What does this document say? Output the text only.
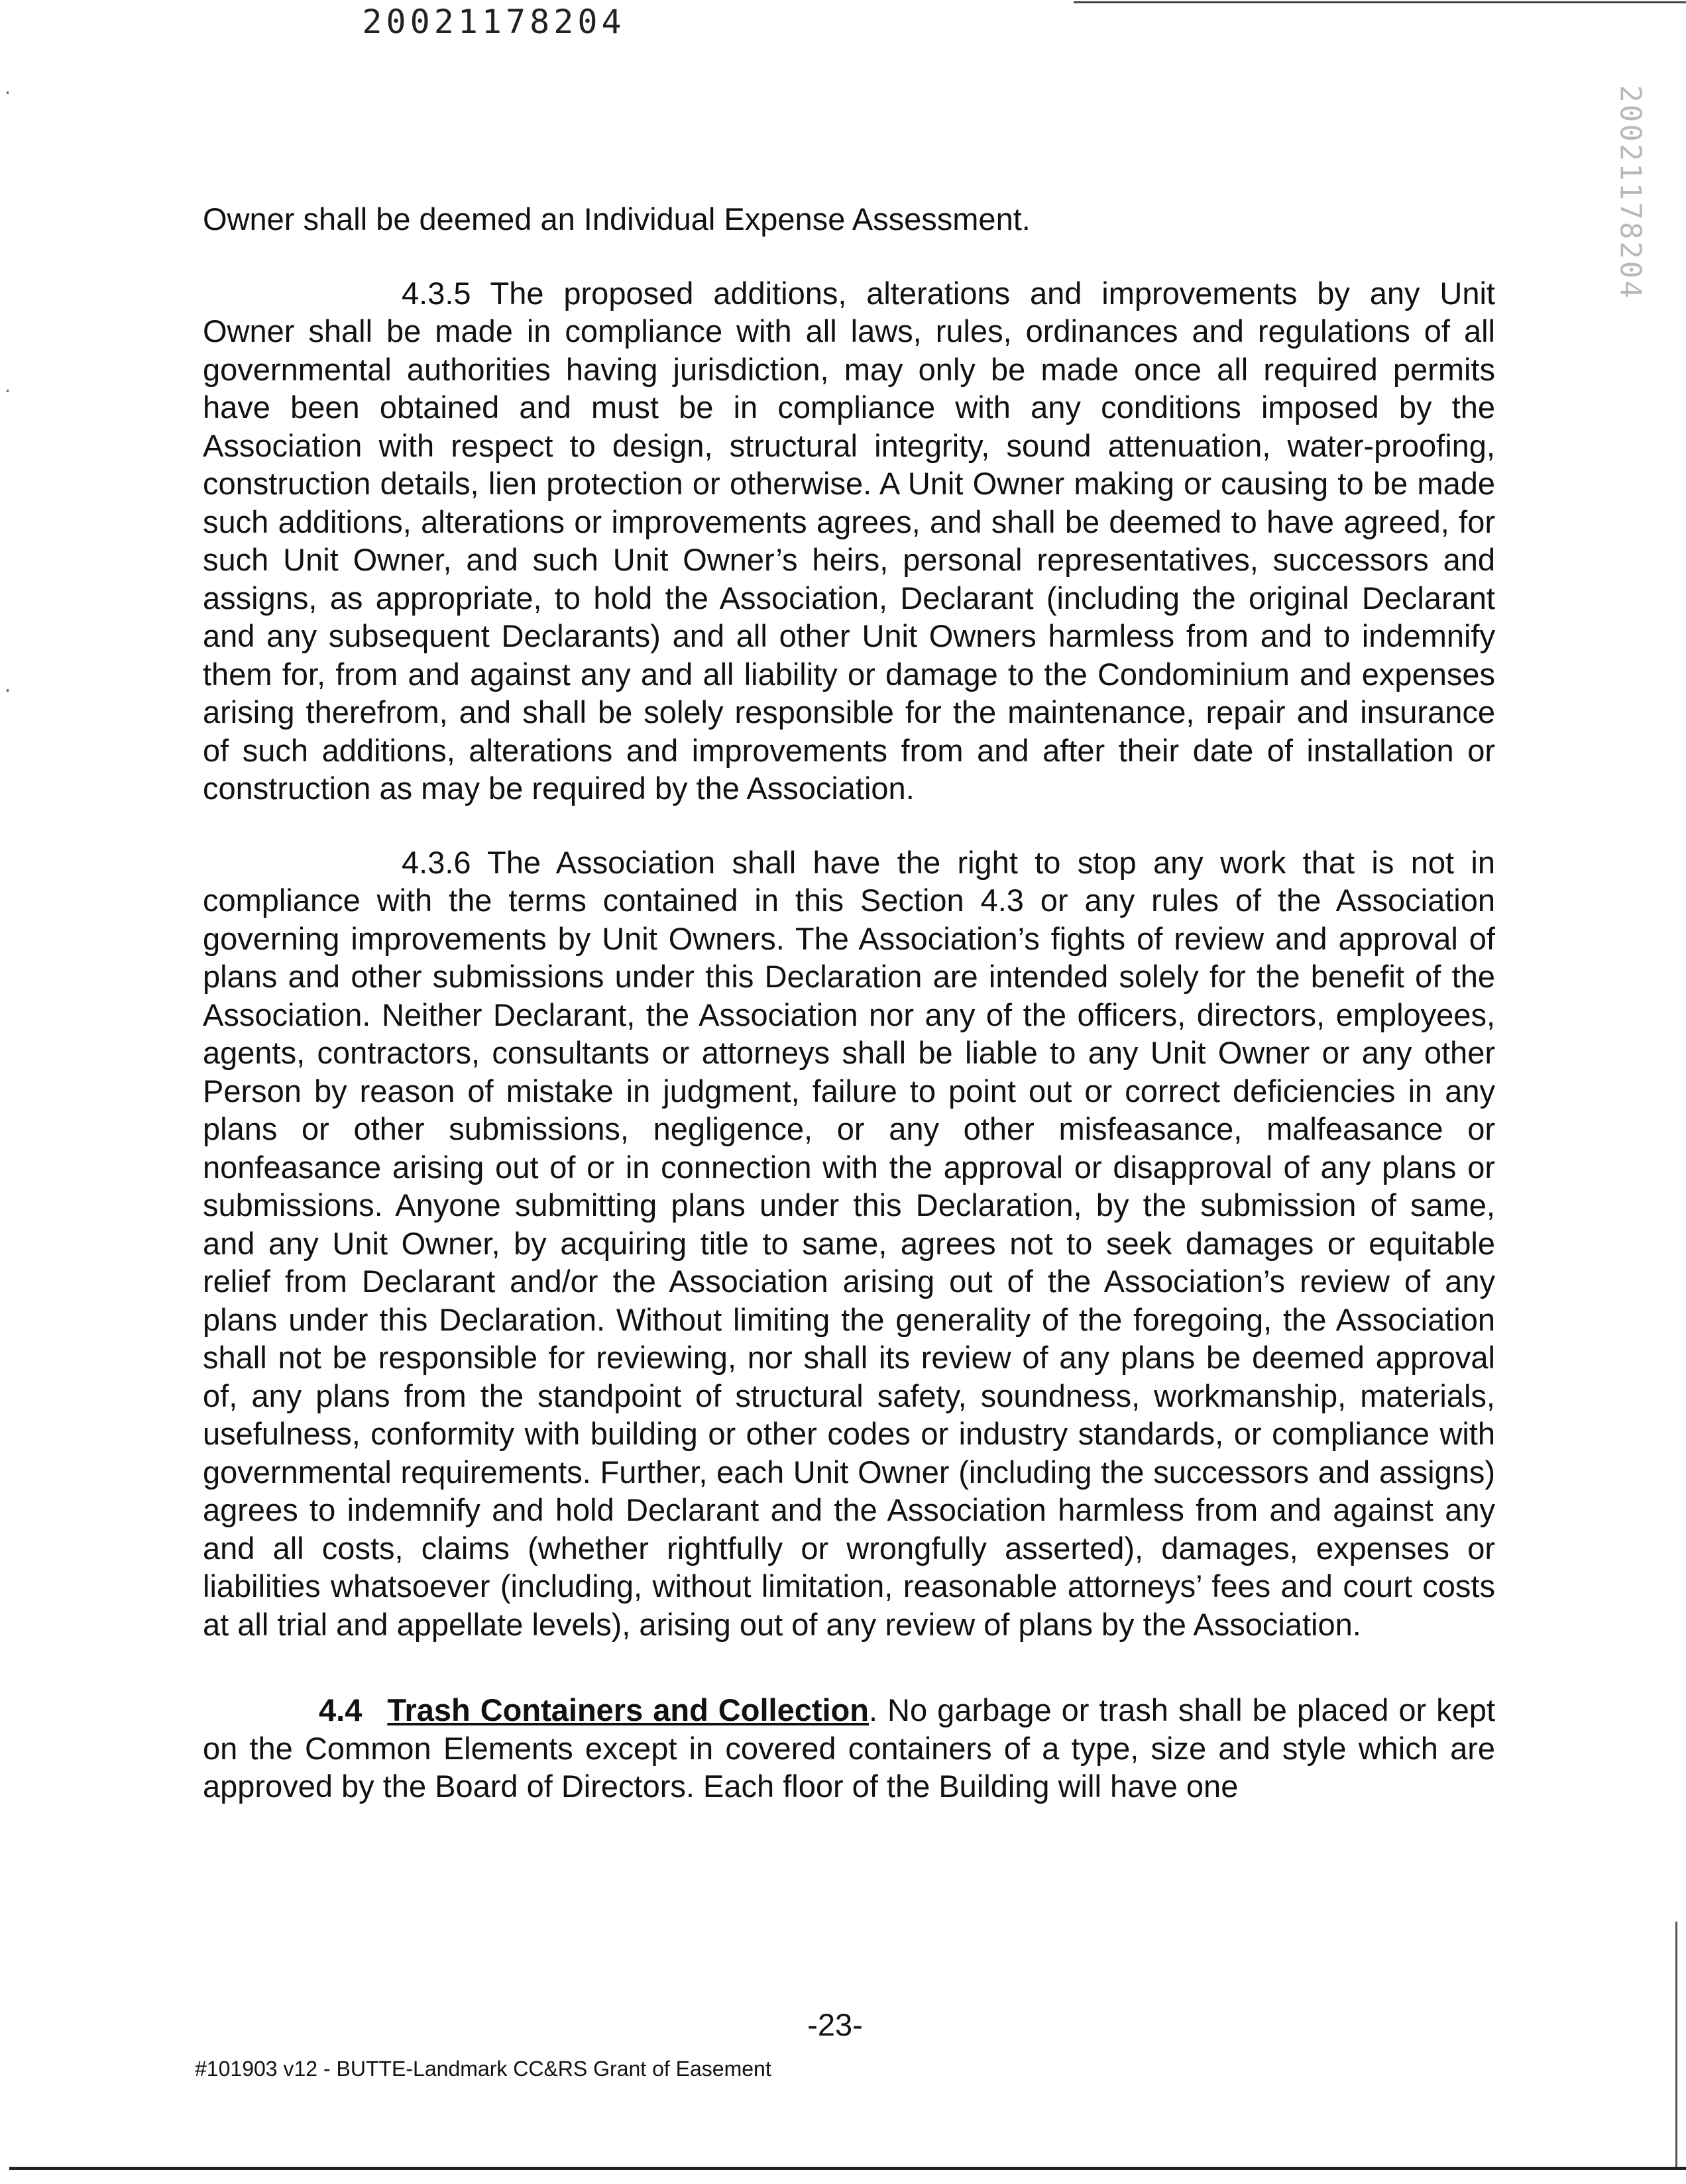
20021178204
20021178204

Owner shall be deemed an Individual Expense Assessment.

4.3.5 The proposed additions, alterations and improvements by any Unit Owner shall be made in compliance with all laws, rules, ordinances and regulations of all governmental authorities having jurisdiction, may only be made once all required permits have been obtained and must be in compliance with any conditions imposed by the Association with respect to design, structural integrity, sound attenuation, water-proofing, construction details, lien protection or otherwise. A Unit Owner making or causing to be made such additions, alterations or improvements agrees, and shall be deemed to have agreed, for such Unit Owner, and such Unit Owner’s heirs, personal representatives, successors and assigns, as appropriate, to hold the Association, Declarant (including the original Declarant and any subsequent Declarants) and all other Unit Owners harmless from and to indemnify them for, from and against any and all liability or damage to the Condominium and expenses arising therefrom, and shall be solely responsible for the maintenance, repair and insurance of such additions, alterations and improvements from and after their date of installation or construction as may be required by the Association.

4.3.6 The Association shall have the right to stop any work that is not in compliance with the terms contained in this Section 4.3 or any rules of the Association governing improvements by Unit Owners. The Association’s fights of review and approval of plans and other submissions under this Declaration are intended solely for the benefit of the Association. Neither Declarant, the Association nor any of the officers, directors, employees, agents, contractors, consultants or attorneys shall be liable to any Unit Owner or any other Person by reason of mistake in judgment, failure to point out or correct deficiencies in any plans or other submissions, negligence, or any other misfeasance, malfeasance or nonfeasance arising out of or in connection with the approval or disapproval of any plans or submissions. Anyone submitting plans under this Declaration, by the submission of same, and any Unit Owner, by acquiring title to same, agrees not to seek damages or equitable relief from Declarant and/or the Association arising out of the Association’s review of any plans under this Declaration. Without limiting the generality of the foregoing, the Association shall not be responsible for reviewing, nor shall its review of any plans be deemed approval of, any plans from the standpoint of structural safety, soundness, workmanship, materials, usefulness, conformity with building or other codes or industry standards, or compliance with governmental requirements. Further, each Unit Owner (including the successors and assigns) agrees to indemnify and hold Declarant and the Association harmless from and against any and all costs, claims (whether rightfully or wrongfully asserted), damages, expenses or liabilities whatsoever (including, without limitation, reasonable attorneys’ fees and court costs at all trial and appellate levels), arising out of any review of plans by the Association.

4.4 Trash Containers and Collection. No garbage or trash shall be placed or kept on the Common Elements except in covered containers of a type, size and style which are approved by the Board of Directors. Each floor of the Building will have one

-23-
#101903 v12 - BUTTE-Landmark CC&RS Grant of Easement
